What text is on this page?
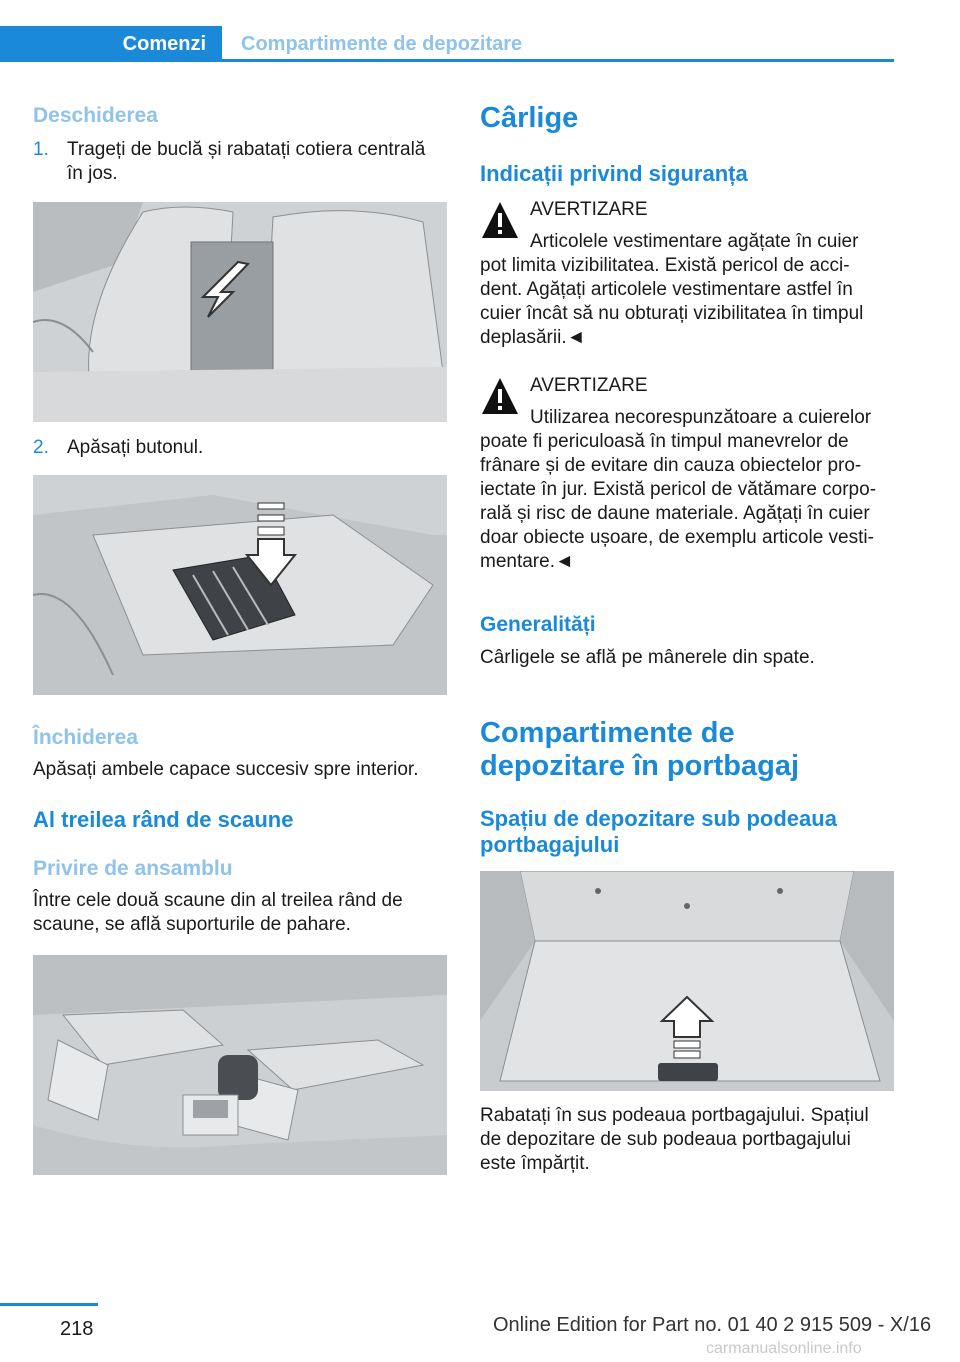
Comenzi	Compartimente de depozitare
Deschiderea
1. Trageți de buclă și rabatați cotiera centrală
în jos.
2. Apăsați butonul.
Închiderea
Apăsați ambele capace succesiv spre interior.
Al treilea rând de scaune
Privire de ansamblu
Între cele două scaune din al treilea rând de
scaune, se află suporturile de pahare.
Cârlige
Indicații privind siguranța
AVERTIZARE
Articolele vestimentare agățate în cuier
pot limita vizibilitatea. Există pericol de acci-
dent. Agățați articolele vestimentare astfel în
cuier încât să nu obturați vizibilitatea în timpul
deplasării.◄
AVERTIZARE
Utilizarea necorespunzătoare a cuierelor
poate fi periculoasă în timpul manevrelor de
frânare și de evitare din cauza obiectelor pro-
iectate în jur. Există pericol de vătămare corpo-
rală și risc de daune materiale. Agățați în cuier
doar obiecte ușoare, de exemplu articole vesti-
mentare.◄
Generalități
Cârligele se află pe mânerele din spate.
Compartimente de
depozitare în portbagaj
Spațiu de depozitare sub podeaua
portbagajului
Rabatați în sus podeaua portbagajului. Spațiul
de depozitare de sub podeaua portbagajului
este împărțit.
218	Online Edition for Part no. 01 40 2 915 509 - X/16
carmanualsonline.info
